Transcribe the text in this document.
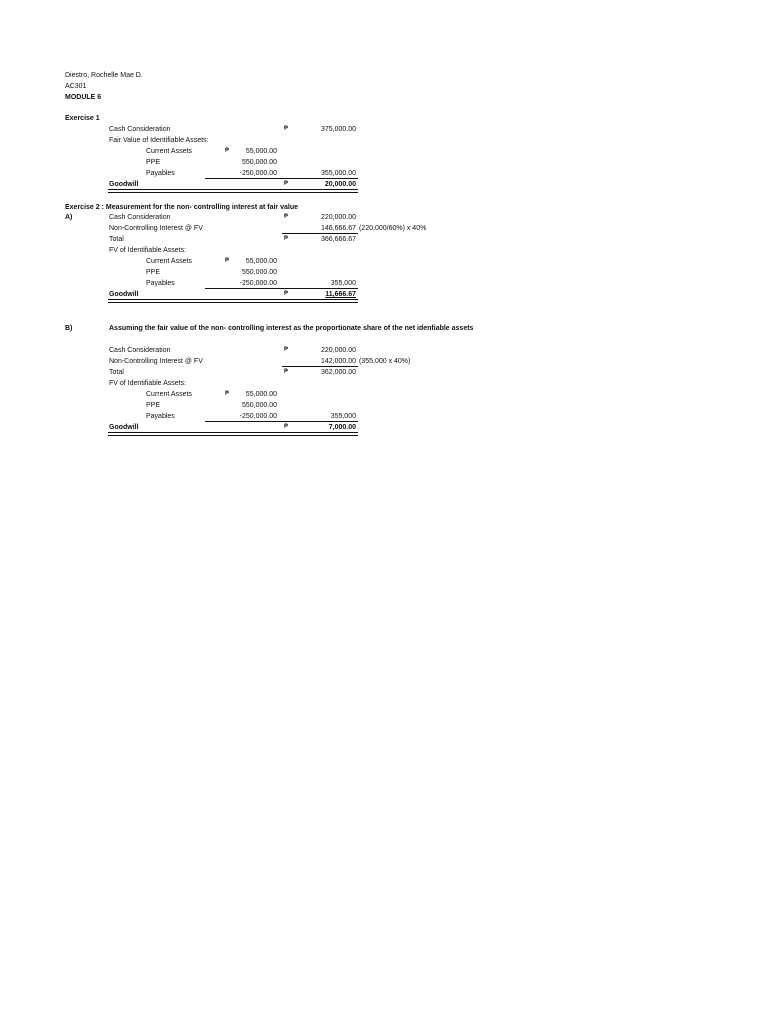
Diestro, Rochelle Mae D.
AC301
MODULE 6
Exercise 1
Cash Consideration	₱	375,000.00
Fair Value of Identifiable Assets:
Current Assets	₱	55,000.00
PPE	550,000.00
Payables	-250,000.00	355,000.00
Goodwill	₱	20,000.00
Exercise 2 : Measurement for the non- controlling interest at fair value
A)	Cash Consideration	₱	220,000.00
Non-Controlling Interest @ FV	146,666.67 (220,000/60%) x 40%
Total	₱	366,666.67
FV of Identifiable Assets:
Current Assets	₱	55,000.00
PPE	550,000.00
Payables	-250,000.00	355,000
Goodwill	₱	11,666.67
B)	Assuming the fair value of the non- controlling interest as the proportionate share of the net idenfiable assets
Cash Consideration	₱	220,000.00
Non-Controlling Interest @ FV	142,000.00 (355,000 x 40%)
Total	₱	362,000.00
FV of Identifiable Assets:
Current Assets	₱	55,000.00
PPE	550,000.00
Payables	-250,000.00	355,000
Goodwill	₱	7,000.00
